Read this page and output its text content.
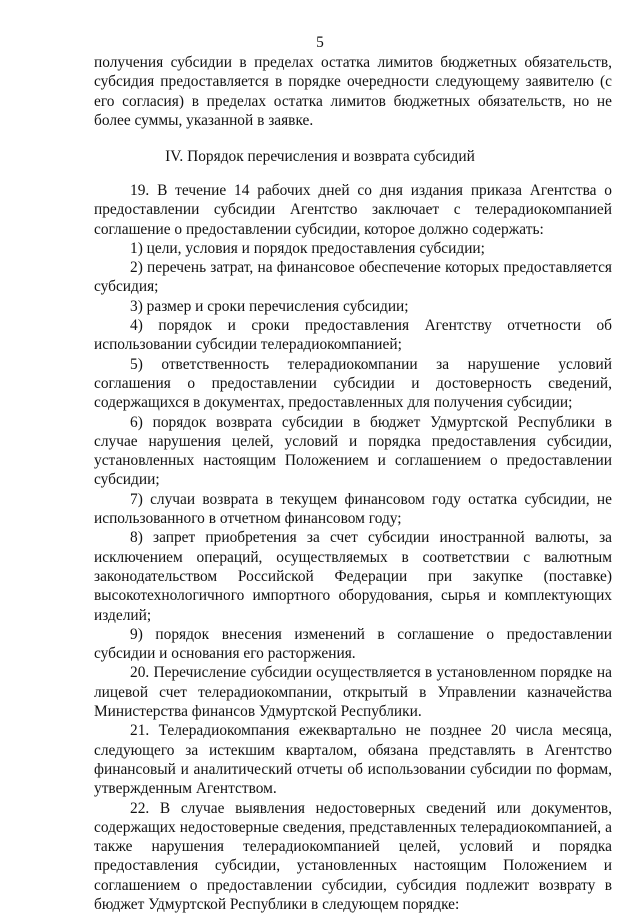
5

получения субсидии в пределах остатка лимитов бюджетных обязательств, субсидия предоставляется в порядке очередности следующему заявителю (с его согласия) в пределах остатка лимитов бюджетных обязательств, но не более суммы, указанной в заявке.

IV. Порядок перечисления и возврата субсидий

19. В течение 14 рабочих дней со дня издания приказа Агентства о предоставлении субсидии Агентство заключает с телерадиокомпанией соглашение о предоставлении субсидии, которое должно содержать:

1) цели, условия и порядок предоставления субсидии;

2) перечень затрат, на финансовое обеспечение которых предоставляется субсидия;

3) размер и сроки перечисления субсидии;

4) порядок и сроки предоставления Агентству отчетности об использовании субсидии телерадиокомпанией;

5) ответственность телерадиокомпании за нарушение условий соглашения о предоставлении субсидии и достоверность сведений, содержащихся в документах, предоставленных для получения субсидии;

6) порядок возврата субсидии в бюджет Удмуртской Республики в случае нарушения целей, условий и порядка предоставления субсидии, установленных настоящим Положением и соглашением о предоставлении субсидии;

7) случаи возврата в текущем финансовом году остатка субсидии, не использованного в отчетном финансовом году;

8) запрет приобретения за счет субсидии иностранной валюты, за исключением операций, осуществляемых в соответствии с валютным законодательством Российской Федерации при закупке (поставке) высокотехнологичного импортного оборудования, сырья и комплектующих изделий;

9) порядок внесения изменений в соглашение о предоставлении субсидии и основания его расторжения.

20. Перечисление субсидии осуществляется в установленном порядке на лицевой счет телерадиокомпании, открытый в Управлении казначейства Министерства финансов Удмуртской Республики.

21. Телерадиокомпания ежеквартально не позднее 20 числа месяца, следующего за истекшим кварталом, обязана представлять в Агентство финансовый и аналитический отчеты об использовании субсидии по формам, утвержденным Агентством.

22. В случае выявления недостоверных сведений или документов, содержащих недостоверные сведения, представленных телерадиокомпанией, а также нарушения телерадиокомпанией целей, условий и порядка предоставления субсидии, установленных настоящим Положением и соглашением о предоставлении субсидии, субсидия подлежит возврату в бюджет Удмуртской Республики в следующем порядке:
